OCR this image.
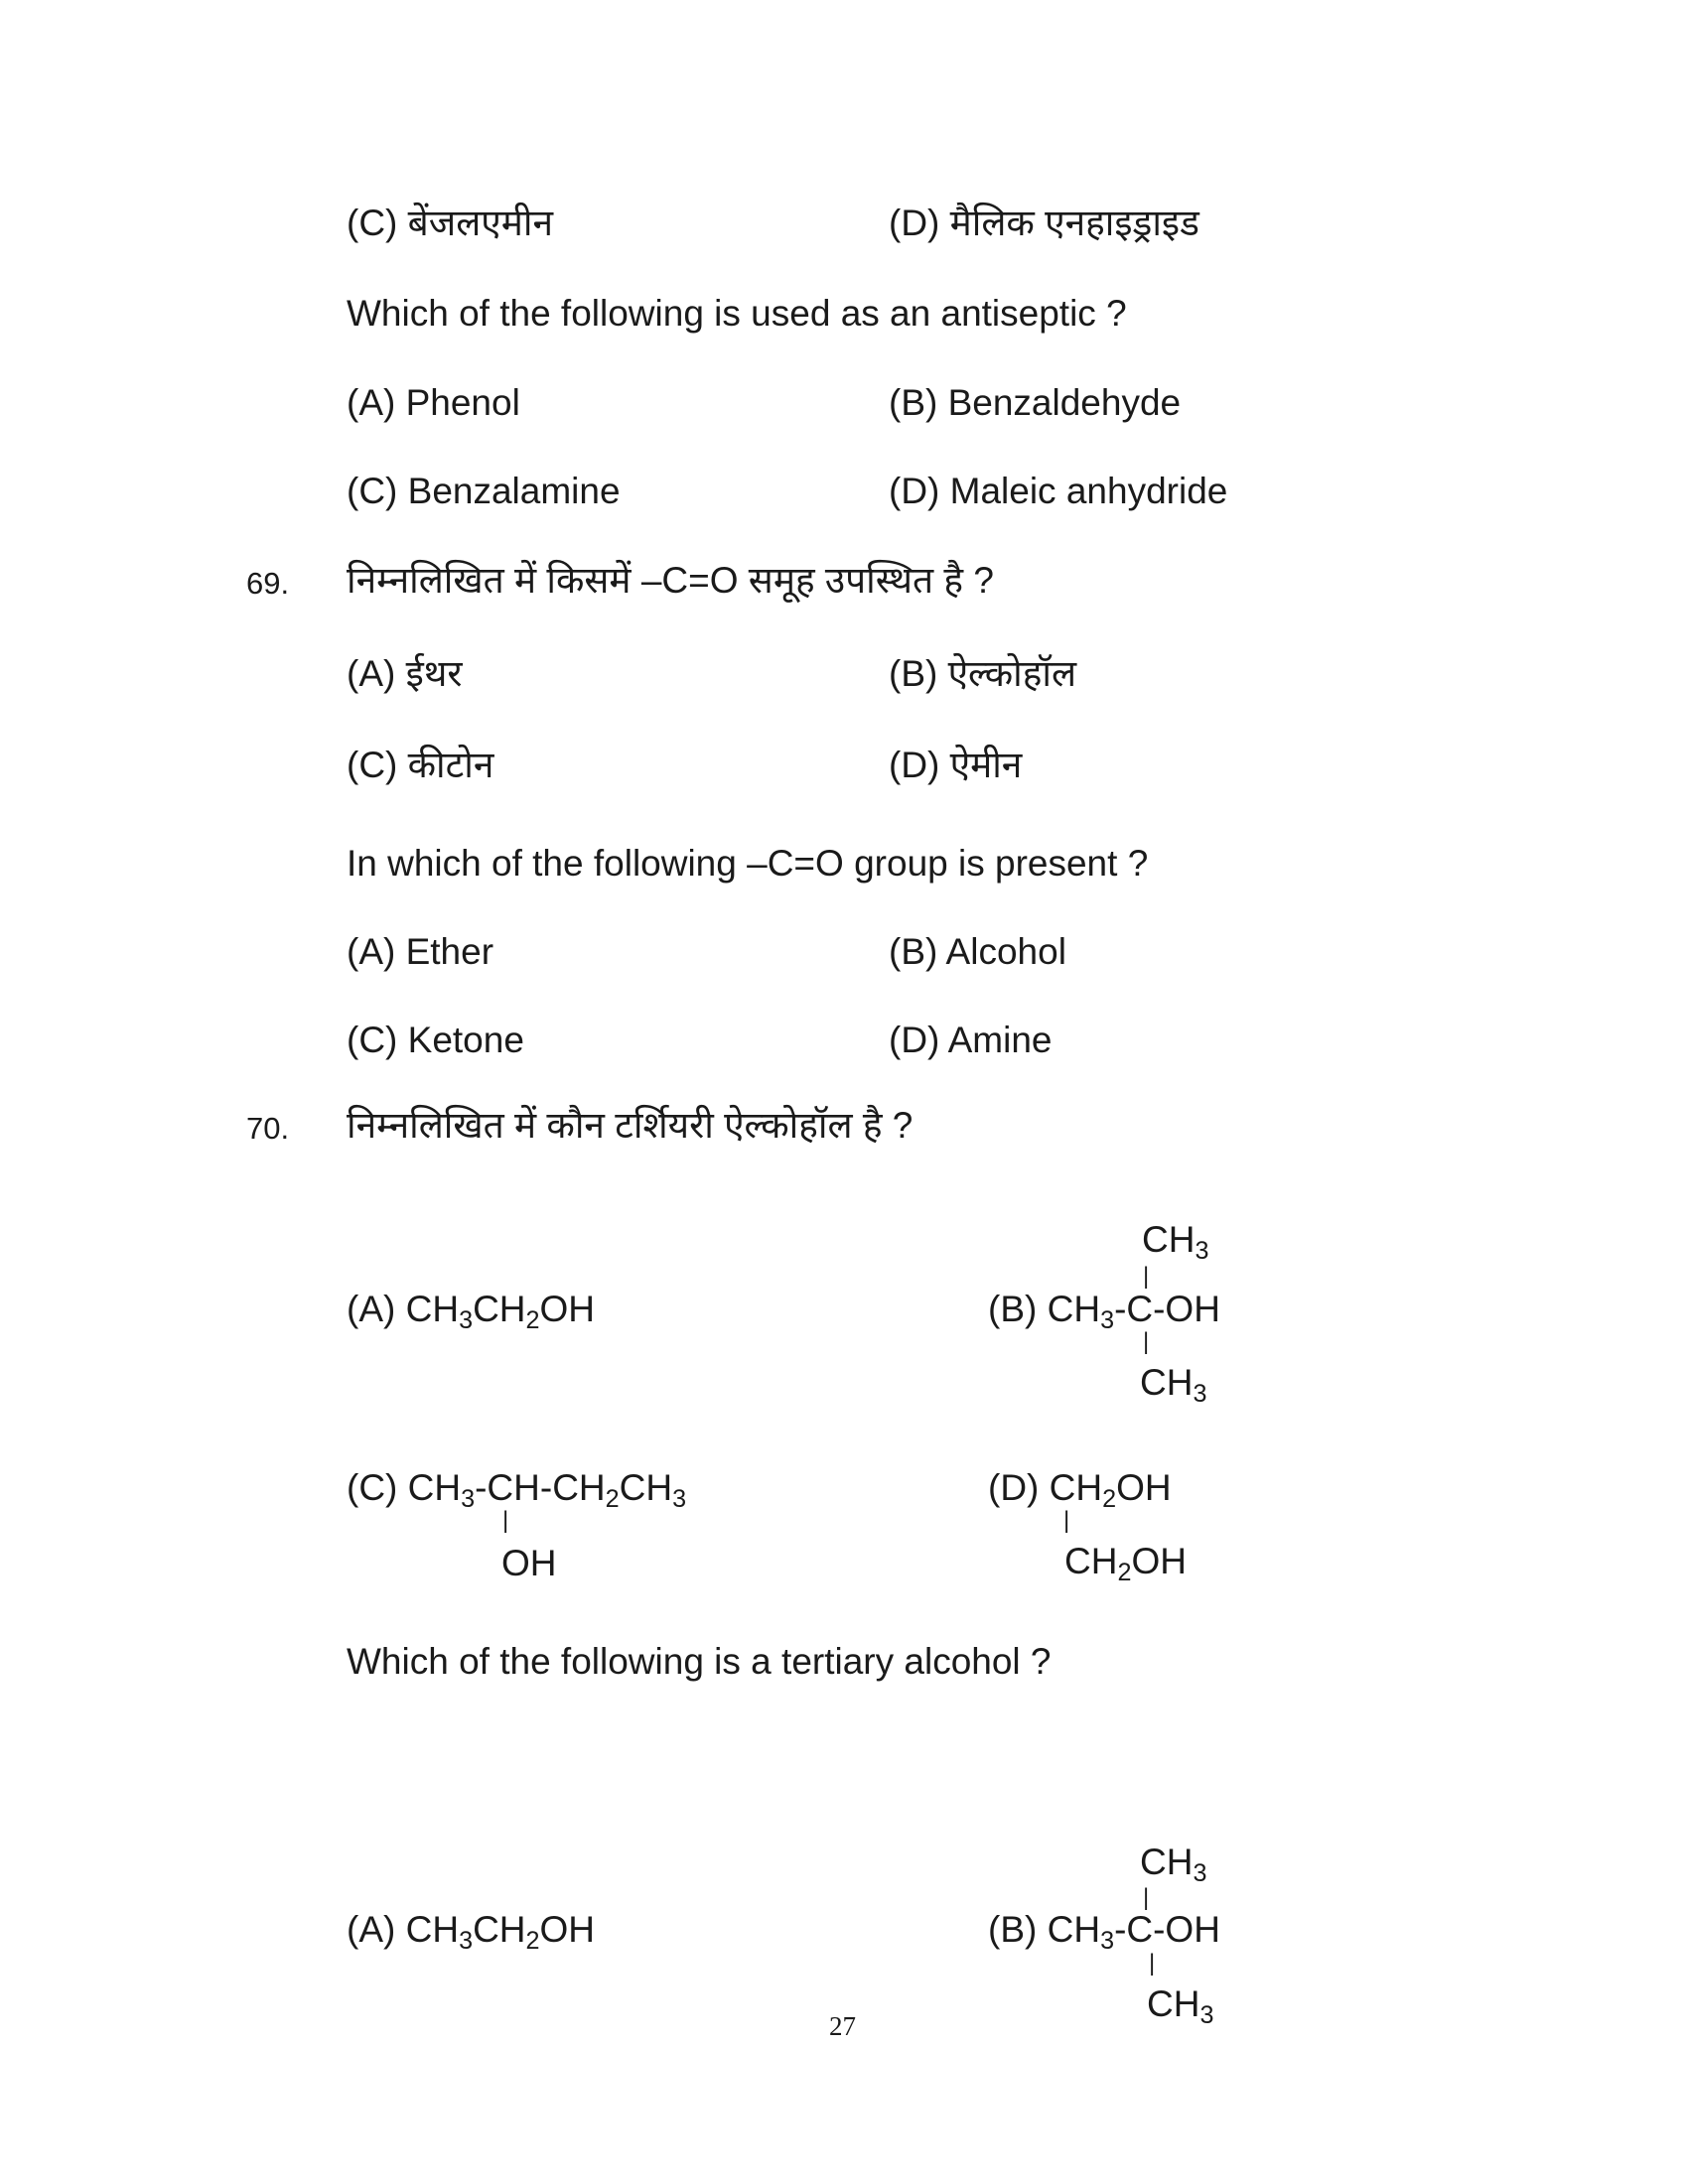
(C) बेंजलएमीन	(D) मैलिक एनहाइड्राइड
Which of the following is used as an antiseptic ?
(A) Phenol	(B) Benzaldehyde
(C) Benzalamine	(D) Maleic anhydride
69. निम्नलिखित में किसमें –
C=O समूह उपस्थित है ?
(A) ईथर	(B) ऐल्कोहॉल
(C) कीटोन	(D) ऐमीन
In which of the following –
C=O group is present ?
(A) Ether	(B) Alcohol
(C) Ketone	(D) Amine
70. निम्नलिखित में कौन टर्शियरी ऐल्कोहॉल है ?
(A) CH3CH2OH
CH3
|
(B) CH3-C-OH
|
CH3
(C) CH3-CH-CH2CH3
|
OH
(D) CH2OH
|
CH2OH
Which of the following is a tertiary alcohol ?
(A) CH3CH2OH
CH3
|
(B) CH3-C-OH
|
CH3
27
